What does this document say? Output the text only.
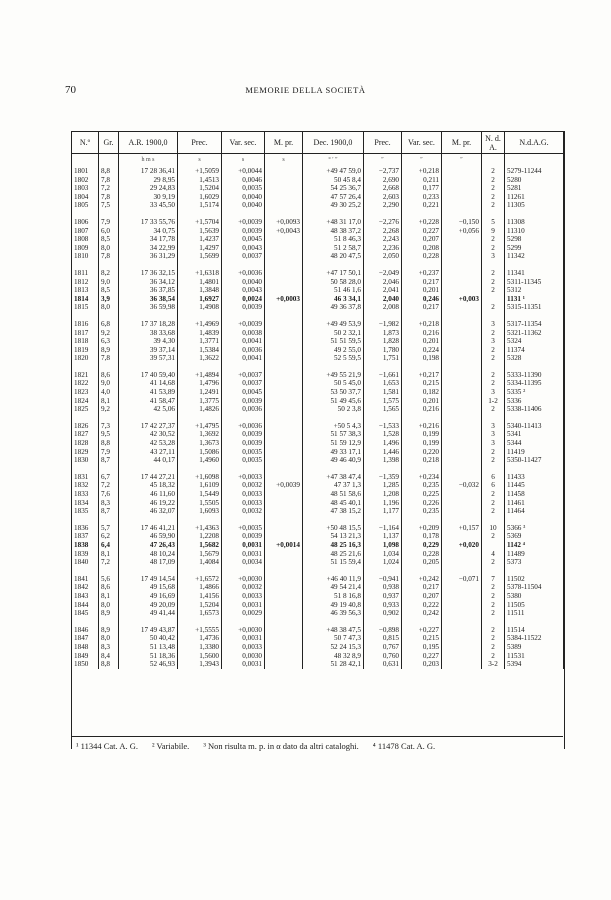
70	MEMORIE DELLA SOCIETÀ
N.º	Gr.	A.R. 1900,0	Prec.	Var. sec.	M. pr.	Dec. 1900,0	Prec.	Var. sec.	M. pr.	N. d. A.	N.d.A.G.
		h m s	s	s	s	° ′ ″	″	″	″		
1801	8,8	17 28 36,41	+1,5059	+0,0044		+49 47 59,0	−2,737	+0,218		2	5279-11244
1802	7,8	29 8,95	1,4513	0,0046		50 45 8,4	2,690	0,211		2	5280
1803	7,2	29 24,83	1,5204	0,0035		54 25 36,7	2,668	0,177		2	5281
1804	7,8	30 9,19	1,6029	0,0040		47 57 26,4	2,603	0,233		2	11261
1805	7,5	33 45,50	1,5174	0,0040		49 30 25,2	2,290	0,221		2	11305

1806	7,9	17 33 55,76	+1,5704	+0,0039	+0,0093	+48 31 17,0	−2,276	+0,228	−0,150	5	11308
1807	6,0	34 0,75	1,5639	0,0039	+0,0043	48 38 37,2	2,268	0,227	+0,056	9	11310
1808	8,5	34 17,78	1,4237	0,0045		51 8 46,3	2,243	0,207		2	5298
1809	8,0	34 22,99	1,4297	0,0043		51 2 58,7	2,236	0,208		2	5299
1810	7,8	36 31,29	1,5699	0,0037		48 20 47,5	2,050	0,228		3	11342

1811	8,2	17 36 32,15	+1,6318	+0,0036		+47 17 50,1	−2,049	+0,237		2	11341
1812	9,0	36 34,12	1,4801	0,0040		50 58 28,0	2,046	0,217		2	5311-11345
1813	8,5	36 37,85	1,3848	0,0043		51 46 1,6	2,041	0,201		2	5312
1814	3,9	36 38,54	1,6927	0,0024	+0,0003	46 3 34,1	2,040	0,246	+0,003		1131 ¹
1815	8,0	36 59,98	1,4908	0,0039		49 36 37,8	2,008	0,217		2	5315-11351

1816	6,8	17 37 18,28	+1,4969	+0,0039		+49 49 53,9	−1,982	+0,218		3	5317-11354
1817	9,2	38 33,68	1,4839	0,0038		50 2 32,1	1,873	0,216		2	5321-11362
1818	6,3	39 4,30	1,3771	0,0041		51 51 59,5	1,828	0,201		3	5324
1819	8,9	39 37,14	1,5384	0,0036		49 2 55,0	1,780	0,224		2	11374
1820	7,8	39 57,31	1,3622	0,0041		52 5 59,5	1,751	0,198		2	5328

1821	8,6	17 40 59,40	+1,4894	+0,0037		+49 55 21,9	−1,661	+0,217		2	5333-11390
1822	9,0	41 14,68	1,4796	0,0037		50 5 45,0	1,653	0,215		2	5334-11395
1823	4,0	41 53,89	1,2491	0,0045		53 50 37,7	1,581	0,182		3	5335 ²
1824	8,1	41 58,47	1,3775	0,0039		51 49 45,6	1,575	0,201		1-2	5336
1825	9,2	42 5,06	1,4826	0,0036		50 2 3,8	1,565	0,216		2	5338-11406

1826	7,3	17 42 27,37	+1,4795	+0,0036		+50 5 4,3	−1,533	+0,216		3	5340-11413
1827	9,5	42 30,52	1,3692	0,0039		51 57 38,3	1,528	0,199		3	5341
1828	8,8	42 53,28	1,3673	0,0039		51 59 12,9	1,496	0,199		3	5344
1829	7,9	43 27,11	1,5086	0,0035		49 33 17,1	1,446	0,220		2	11419
1830	8,7	44 0,17	1,4960	0,0035		49 46 40,9	1,398	0,218		2	5350-11427

1831	6,7	17 44 27,21	+1,6098	+0,0033		+47 38 47,4	−1,359	+0,234		6	11433
1832	7,2	45 18,32	1,6109	0,0032	+0,0039	47 37 1,3	1,285	0,235	−0,032	6	11445
1833	7,6	46 11,60	1,5449	0,0033		48 51 58,6	1,208	0,225		2	11458
1834	8,3	46 19,22	1,5505	0,0033		48 45 40,1	1,196	0,226		2	11461
1835	8,7	46 32,07	1,6093	0,0032		47 38 15,2	1,177	0,235		2	11464

1836	5,7	17 46 41,21	+1,4363	+0,0035		+50 48 15,5	−1,164	+0,209	+0,157	10	5366 ³
1837	6,2	46 59,90	1,2208	0,0039		54 13 21,3	1,137	0,178		2	5369
1838	6,4	47 26,43	1,5682	0,0031	+0,0014	48 25 16,3	1,098	0,229	+0,020		1142 ⁴
1839	8,1	48 10,24	1,5679	0,0031		48 25 21,6	1,034	0,228		4	11489
1840	7,2	48 17,09	1,4084	0,0034		51 15 59,4	1,024	0,205		2	5373

1841	5,6	17 49 14,54	+1,6572	+0,0030		+46 40 11,9	−0,941	+0,242	−0,071	7	11502
1842	8,6	49 15,68	1,4866	0,0032		49 54 21,4	0,938	0,217		2	5378-11504
1843	8,1	49 16,69	1,4156	0,0033		51 8 16,8	0,937	0,207		2	5380
1844	8,0	49 20,09	1,5204	0,0031		49 19 40,8	0,933	0,222		2	11505
1845	8,9	49 41,44	1,6573	0,0029		46 39 56,3	0,902	0,242		2	11511

1846	8,9	17 49 43,87	+1,5555	+0,0030		+48 38 47,5	−0,898	+0,227		2	11514
1847	8,0	50 40,42	1,4736	0,0031		50 7 47,3	0,815	0,215		2	5384-11522
1848	8,3	51 13,48	1,3380	0,0033		52 24 15,3	0,767	0,195		2	5389
1849	8,4	51 18,36	1,5600	0,0030		48 32 8,9	0,760	0,227		2	11531
1850	8,8	52 46,93	1,3943	0,0031		51 28 42,1	0,631	0,203		3-2	5394
¹ 11344 Cat. A. G. ² Variabile. ³ Non risulta m. p. in α dato da altri cataloghi. ⁴ 11478 Cat. A. G.
